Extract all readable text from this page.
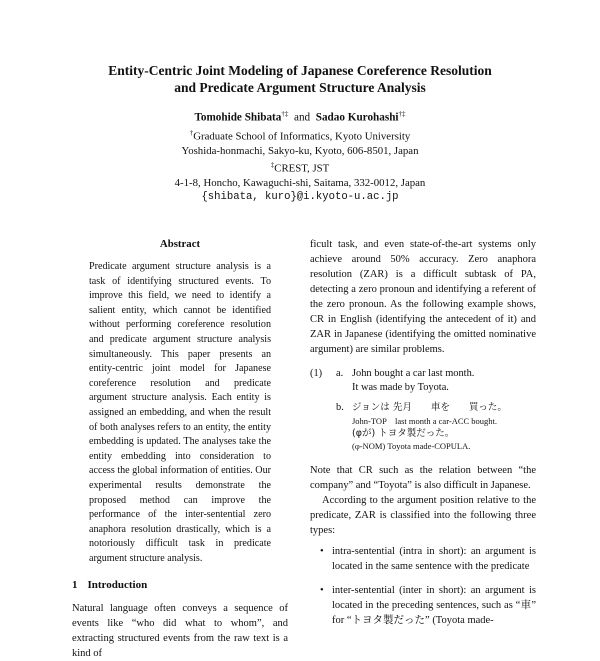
Entity-Centric Joint Modeling of Japanese Coreference Resolution
and Predicate Argument Structure Analysis
Tomohide Shibata†‡ and Sadao Kurohashi†‡
†Graduate School of Informatics, Kyoto University
Yoshida-honmachi, Sakyo-ku, Kyoto, 606-8501, Japan
‡CREST, JST
4-1-8, Honcho, Kawaguchi-shi, Saitama, 332-0012, Japan
{shibata, kuro}@i.kyoto-u.ac.jp
Abstract

Predicate argument structure analysis is a task of identifying structured events. To improve this field, we need to identify a salient entity, which cannot be identified without performing coreference resolution and predicate argument structure analysis simultaneously. This paper presents an entity-centric joint model for Japanese coreference resolution and predicate argument structure analysis. Each entity is assigned an embedding, and when the result of both analyses refers to an entity, the entity embedding is updated. The analyses take the entity embedding into consideration to access the global information of entities. Our experimental results demonstrate the proposed method can improve the performance of the inter-sentential zero anaphora resolution drastically, which is a notoriously difficult task in predicate argument structure analysis.

1 Introduction

Natural language often conveys a sequence of events like “who did what to whom”, and extracting structured events from the raw text is a kind of

ficult task, and even state-of-the-art systems only achieve around 50% accuracy. Zero anaphora resolution (ZAR) is a difficult subtask of PA, detecting a zero pronoun and identifying a referent of the zero pronoun. As the following example shows, CR in English (identifying the antecedent of it) and ZAR in Japanese (identifying the omitted nominative argument) are similar problems.

(1)	a. John bought a car last month.
It was made by Toyota.
b. ジョンは 先月　　車を　　買った。
John-TOP　last month a car-ACC bought.
(φが) トヨタ製だった。
(φ-NOM) Toyota made-COPULA.

Note that CR such as the relation between “the company” and “Toyota” is also difficult in Japanese.

According to the argument position relative to the predicate, ZAR is classified into the following three types:

• intra-sentential (intra in short): an argument is located in the same sentence with the predicate
• inter-sentential (inter in short): an argument is located in the preceding sentences, such as “車” for “トヨタ製だった” (Toyota made-
